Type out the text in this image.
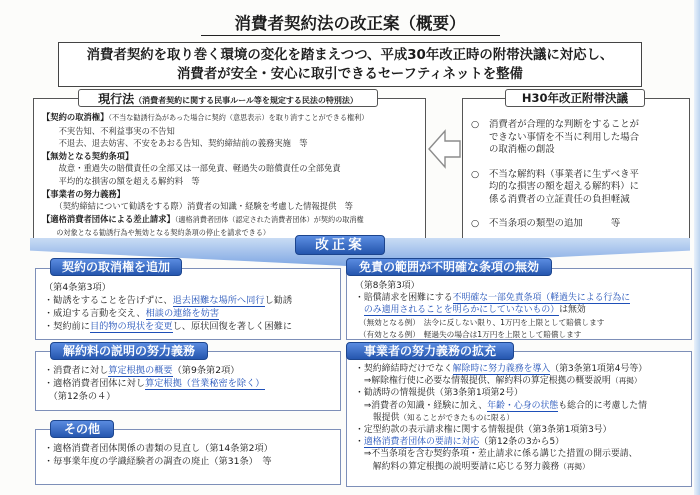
消費者契約法の改正案（概要）
消費者契約を取り巻く環境の変化を踏まえつつ、平成30年改正時の附帯決議に対応し、
消費者が安全・安心に取引できるセーフティネットを整備
【契約の取消権】（不当な勧誘行為があった場合に契約（意思表示）を取り消すことができる権利）
　　不実告知、不利益事実の不告知
　　不退去、退去妨害、不安をあおる告知、契約締結前の義務実施　等
【無効となる契約条項】
　　故意・重過失の賠償責任の全部又は一部免責、軽過失の賠償責任の全部免責
　　平均的な損害の額を超える解約料　等
【事業者の努力義務】
　　（契約締結について勧誘をする際）消費者の知識・経験を考慮した情報提供　等
【適格消費者団体による差止請求】（適格消費者団体（認定された消費者団体）が契約の取消権
　　の対象となる勧誘行為や無効となる契約条項の停止を請求できる）
現行法（消費者契約に関する民事ルール等を規定する民法の特別法）
○	消費者が合理的な判断をすることが
できない事情を不当に利用した場合
の取消権の創設
○	不当な解約料（事業者に生ずべき平
均的な損害の額を超える解約料）に
係る消費者の立証責任の負担軽減
○	不当条項の類型の追加　　　等
H30年改正附帯決議
改正案
（第4条第3項）
・勧誘をすることを告げずに、退去困難な場所へ同行し勧誘
・威迫する言動を交え、相談の連絡を妨害
・契約前に目的物の現状を変更し、原状回復を著しく困難に
契約の取消権を追加
・消費者に対し算定根拠の概要（第9条第2項）
・適格消費者団体に対し算定根拠（営業秘密を除く）
　（第12条の４）
解約料の説明の努力義務
・適格消費者団体関係の書類の見直し（第14条第2項）
・毎事業年度の学識経験者の調査の廃止（第31条）　等
その他
（第8条第3項）
・賠償請求を困難にする不明確な一部免責条項（軽過失による行為に
　のみ適用されることを明らかにしていないもの）は無効
　（無効となる例）　法令に反しない限り、1万円を上限として賠償します
　（有効となる例）　軽過失の場合は1万円を上限として賠償します
免責の範囲が不明確な条項の無効
・契約締結時だけでなく解除時に努力義務を導入（第3条第1項第4号等）
　⇒解除権行使に必要な情報提供、解約料の算定根拠の概要説明（再掲）
・勧誘時の情報提供（第3条第1項第2号）
　⇒消費者の知識・経験に加え、年齢・心身の状態も総合的に考慮した情
　　報提供（知ることができたものに限る）
・定型約款の表示請求権に関する情報提供（第3条第1項第3号）
・適格消費者団体の要請に対応（第12条の3から5）
　⇒不当条項を含む契約条項・差止請求に係る講じた措置の開示要請、
　　解約料の算定根拠の説明要請に応じる努力義務（再掲）
事業者の努力義務の拡充
